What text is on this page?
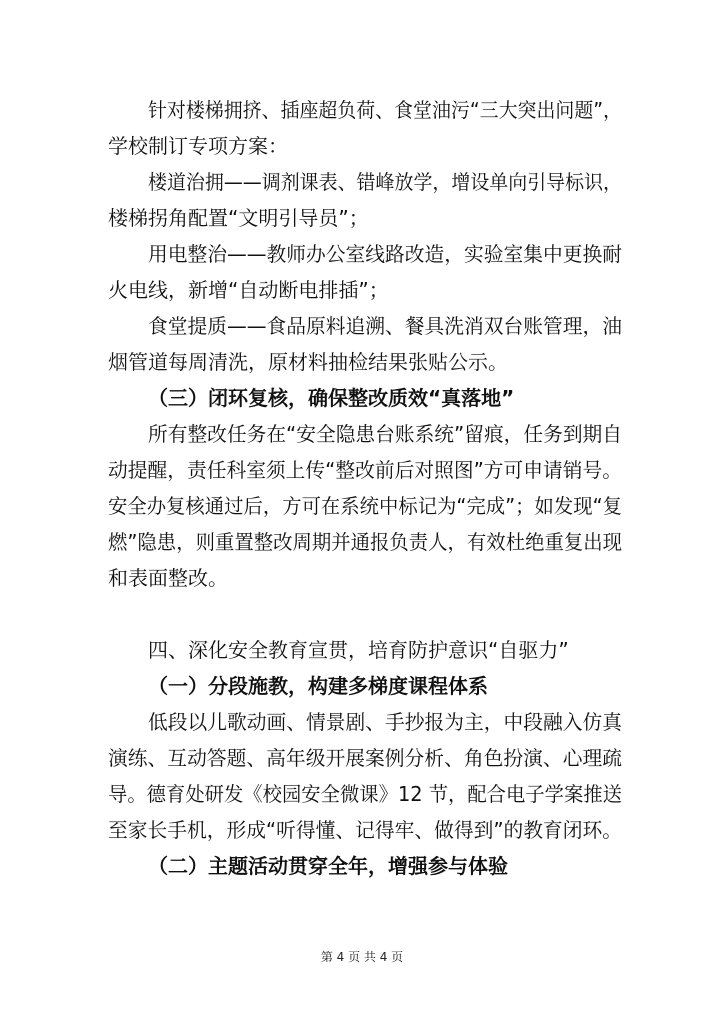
针对楼梯拥挤、插座超负荷、食堂油污“三大突出问题”，

学校制订专项方案：

楼道治拥——调剂课表、错峰放学，增设单向引导标识，

楼梯拐角配置“文明引导员”；

用电整治——教师办公室线路改造，实验室集中更换耐

火电线，新增“自动断电排插”；

食堂提质——食品原料追溯、餐具洗消双台账管理，油

烟管道每周清洗，原材料抽检结果张贴公示。

（三）闭环复核，确保整改质效“真落地”

所有整改任务在“安全隐患台账系统”留痕，任务到期自

动提醒，责任科室须上传“整改前后对照图”方可申请销号。

安全办复核通过后，方可在系统中标记为“完成”；如发现“复

燃”隐患，则重置整改周期并通报负责人，有效杜绝重复出现

和表面整改。

四、深化安全教育宣贯，培育防护意识“自驱力”

（一）分段施教，构建多梯度课程体系

低段以儿歌动画、情景剧、手抄报为主，中段融入仿真

演练、互动答题、高年级开展案例分析、角色扮演、心理疏

导。德育处研发《校园安全微课》12 节，配合电子学案推送

至家长手机，形成“听得懂、记得牢、做得到”的教育闭环。

（二）主题活动贯穿全年，增强参与体验

第 4 页 共 4 页
